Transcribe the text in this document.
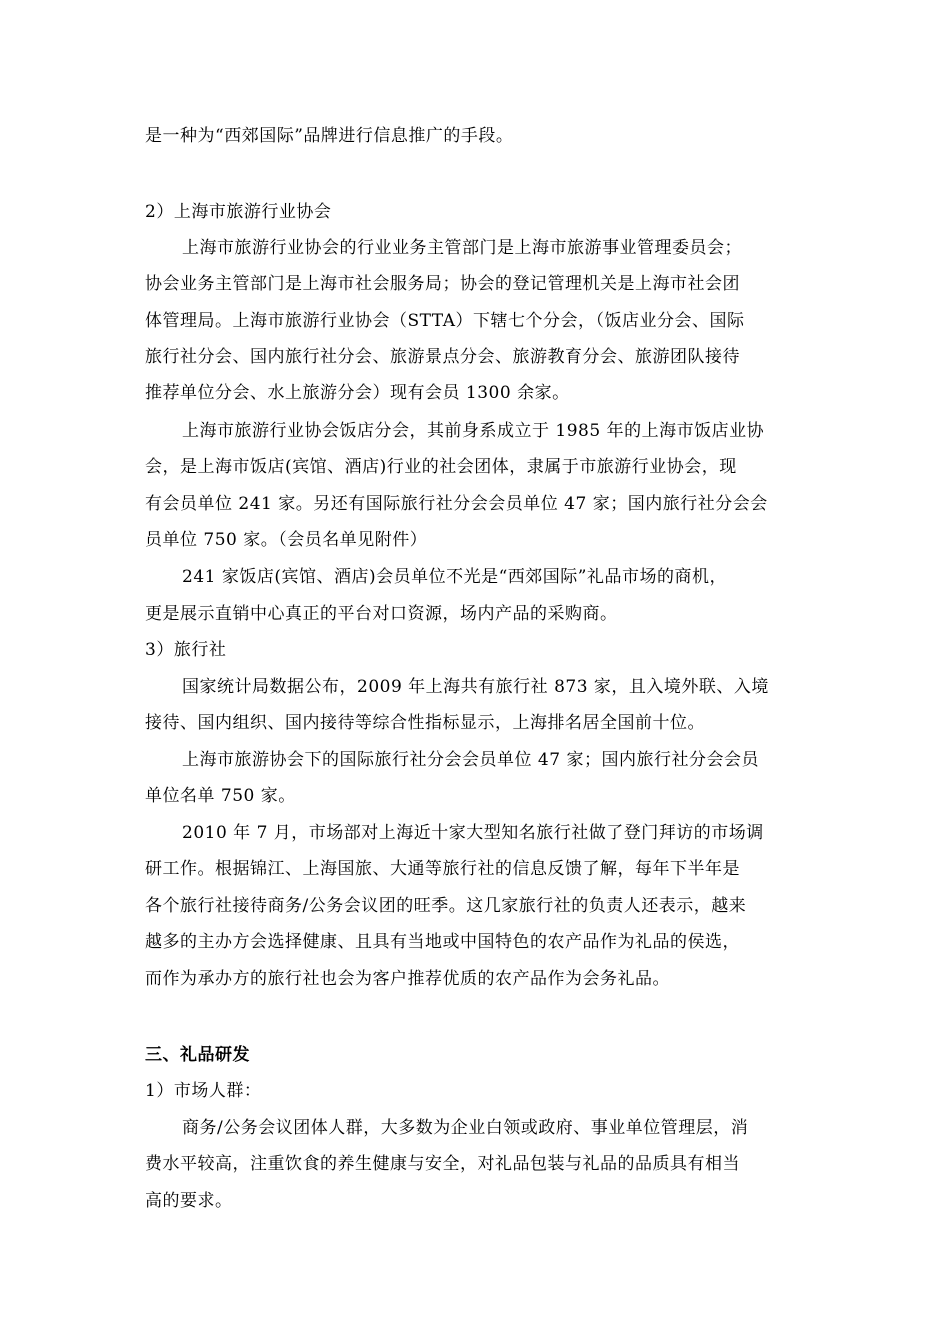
是一种为“西郊国际”品牌进行信息推广的手段。
2）上海市旅游行业协会
上海市旅游行业协会的行业业务主管部门是上海市旅游事业管理委员会；
协会业务主管部门是上海市社会服务局；协会的登记管理机关是上海市社会团
体管理局。上海市旅游行业协会（STTA）下辖七个分会，（饭店业分会、国际
旅行社分会、国内旅行社分会、旅游景点分会、旅游教育分会、旅游团队接待
推荐单位分会、水上旅游分会）现有会员 1300 余家。
上海市旅游行业协会饭店分会，其前身系成立于 1985 年的上海市饭店业协
会，是上海市饭店(宾馆、酒店)行业的社会团体，隶属于市旅游行业协会，现
有会员单位 241 家。另还有国际旅行社分会会员单位 47 家；国内旅行社分会会
员单位 750 家。（会员名单见附件）
241 家饭店(宾馆、酒店)会员单位不光是“西郊国际”礼品市场的商机，
更是展示直销中心真正的平台对口资源，场内产品的采购商。
3）旅行社
国家统计局数据公布，2009 年上海共有旅行社 873 家，且入境外联、入境
接待、国内组织、国内接待等综合性指标显示，上海排名居全国前十位。
上海市旅游协会下的国际旅行社分会会员单位 47 家；国内旅行社分会会员
单位名单 750 家。
2010 年 7 月，市场部对上海近十家大型知名旅行社做了登门拜访的市场调
研工作。根据锦江、上海国旅、大通等旅行社的信息反馈了解，每年下半年是
各个旅行社接待商务/公务会议团的旺季。这几家旅行社的负责人还表示，越来
越多的主办方会选择健康、且具有当地或中国特色的农产品作为礼品的侯选，
而作为承办方的旅行社也会为客户推荐优质的农产品作为会务礼品。
三、礼品研发
1）市场人群：
商务/公务会议团体人群，大多数为企业白领或政府、事业单位管理层，消
费水平较高，注重饮食的养生健康与安全，对礼品包装与礼品的品质具有相当
高的要求。
